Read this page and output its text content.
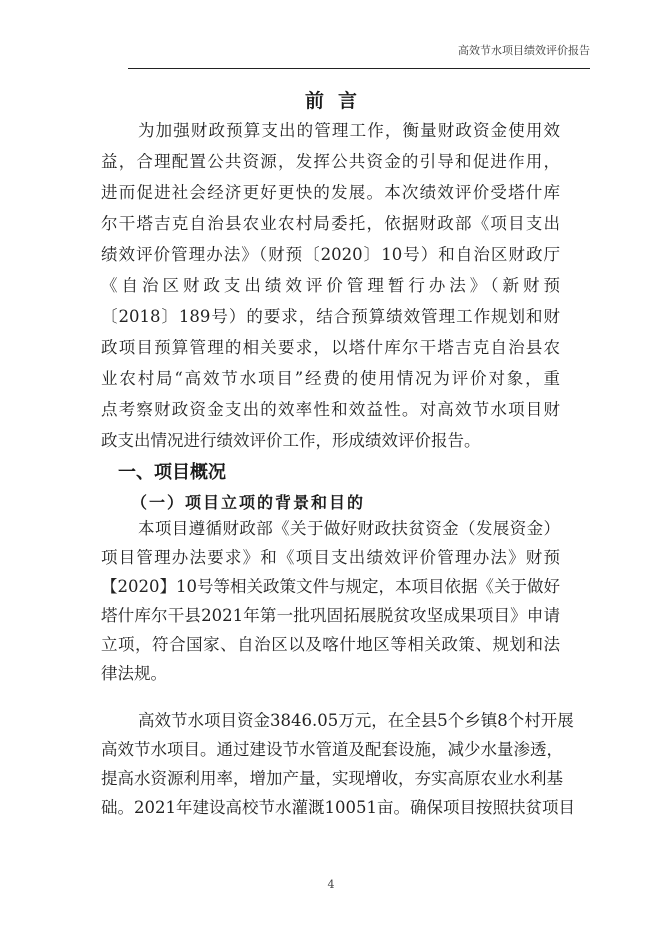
高效节水项目绩效评价报告
前言
为加强财政预算支出的管理工作，衡量财政资金使用效
益，合理配置公共资源，发挥公共资金的引导和促进作用，
进而促进社会经济更好更快的发展。本次绩效评价受塔什库
尔干塔吉克自治县农业农村局委托，依据财政部《项目支出
绩效评价管理办法》（财预〔2020〕10号）和自治区财政厅
《自治区财政支出绩效评价管理暂行办法》（新财预
〔2018〕189号）的要求，结合预算绩效管理工作规划和财
政项目预算管理的相关要求，以塔什库尔干塔吉克自治县农
业农村局“高效节水项目”经费的使用情况为评价对象，重
点考察财政资金支出的效率性和效益性。对高效节水项目财
政支出情况进行绩效评价工作，形成绩效评价报告。
一、项目概况
（一）项目立项的背景和目的
本项目遵循财政部《关于做好财政扶贫资金（发展资金）
项目管理办法要求》和《项目支出绩效评价管理办法》财预
【2020】10号等相关政策文件与规定，本项目依据《关于做好
塔什库尔干县2021年第一批巩固拓展脱贫攻坚成果项目》申请
立项，符合国家、自治区以及喀什地区等相关政策、规划和法
律法规。
高效节水项目资金3846.05万元，在全县5个乡镇8个村开展
高效节水项目。通过建设节水管道及配套设施，减少水量渗透，
提高水资源利用率，增加产量，实现增收，夯实高原农业水利基
础。2021年建设高校节水灌溉10051亩。确保项目按照扶贫项目
4
